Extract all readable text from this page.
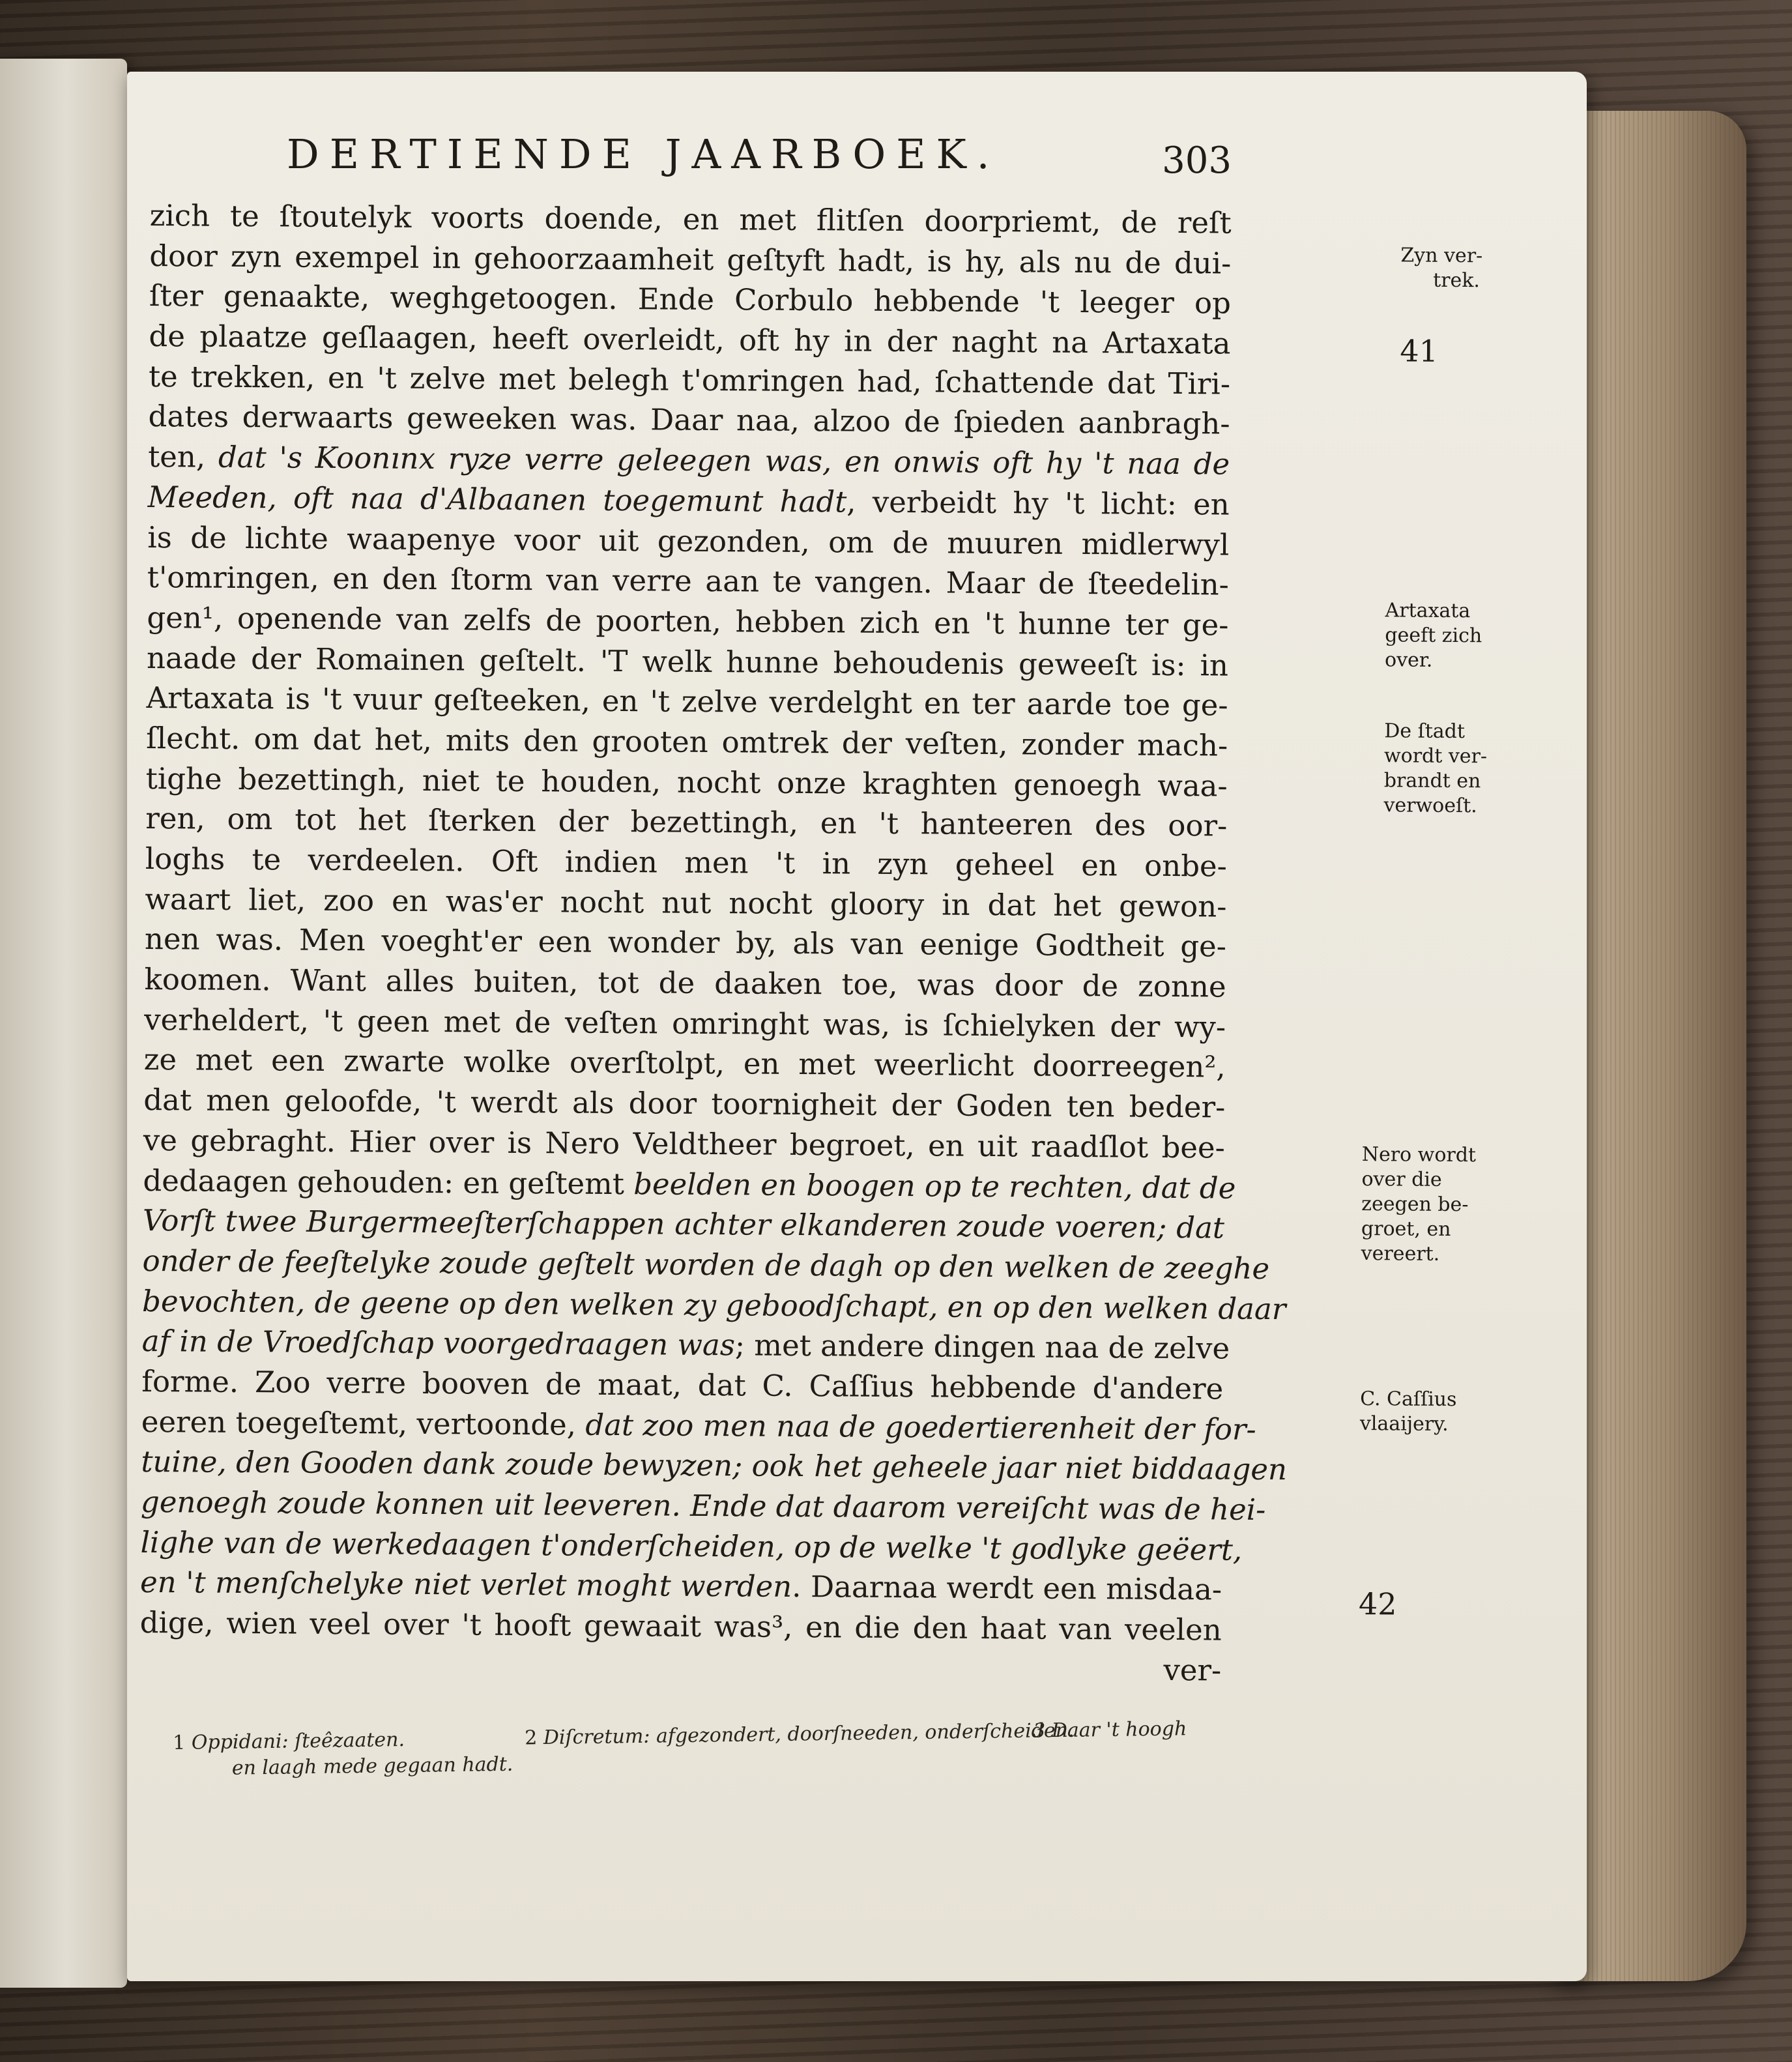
DERTIENDE JAARBOEK.	303
zich te ſtoutelyk voorts doende, en met flitſen doorpriemt, de reſt
door zyn exempel in gehoorzaamheit geſtyft hadt, is hy, als nu de dui-
ſter genaakte, weghgetoogen. Ende Corbulo hebbende 't leeger op
de plaatze geſlaagen, heeft overleidt, oft hy in der naght na Artaxata
te trekken, en 't zelve met belegh t'omringen had, ſchattende dat Tiri-
dates derwaarts geweeken was. Daar naa, alzoo de ſpieden aanbragh-
ten, dat 's Koonınx ryze verre geleegen was, en onwis oft hy 't naa de
Meeden, oft naa d'Albaanen toegemunt hadt, verbeidt hy 't licht: en
is de lichte waapenye voor uit gezonden, om de muuren midlerwyl
t'omringen, en den ſtorm van verre aan te vangen. Maar de ſteedelin-
gen¹, openende van zelfs de poorten, hebben zich en 't hunne ter ge-
naade der Romainen geſtelt. 'T welk hunne behoudenis geweeſt is: in
Artaxata is 't vuur geſteeken, en 't zelve verdelght en ter aarde toe ge-
ſlecht. om dat het, mits den grooten omtrek der veſten, zonder mach-
tighe bezettingh, niet te houden, nocht onze kraghten genoegh waa-
ren, om tot het ſterken der bezettingh, en 't hanteeren des oor-
loghs te verdeelen. Oft indien men 't in zyn geheel en onbe-
waart liet, zoo en was'er nocht nut nocht gloory in dat het gewon-
nen was. Men voeght'er een wonder by, als van eenige Godtheit ge-
koomen. Want alles buiten, tot de daaken toe, was door de zonne
verheldert, 't geen met de veſten omringht was, is ſchielyken der wy-
ze met een zwarte wolke overſtolpt, en met weerlicht doorreegen²,
dat men geloofde, 't werdt als door toornigheit der Goden ten beder-
ve gebraght. Hier over is Nero Veldtheer begroet, en uit raadſlot bee-
dedaagen gehouden: en geſtemt beelden en boogen op te rechten, dat de
Vorſt twee Burgermeeſterſchappen achter elkanderen zoude voeren; dat
onder de feeſtelyke zoude geſtelt worden de dagh op den welken de zeeghe
bevochten, de geene op den welken zy geboodſchapt, en op den welken daar
af in de Vroedſchap voorgedraagen was; met andere dingen naa de zelve
forme. Zoo verre booven de maat, dat C. Caſſius hebbende d'andere
eeren toegeſtemt, vertoonde, dat zoo men naa de goedertierenheit der for-
tuine, den Gooden dank zoude bewyzen; ook het geheele jaar niet biddaagen
genoegh zoude konnen uit leeveren. Ende dat daarom vereiſcht was de hei-
lighe van de werkedaagen t'onderſcheiden, op de welke 't godlyke geëert,
en 't menſchelyke niet verlet moght werden. Daarnaa werdt een misdaa-
dige, wien veel over 't hooft gewaait was³, en die den haat van veelen
ver-
Zyn ver-
trek.
41
Artaxata
geeft zich
over.
De ſtadt
wordt ver-
brandt en
verwoeſt.
Nero wordt
over die
zeegen be-
groet, en
vereert.
C. Caſſius
vlaaijery.
42
1 Oppidani: ſteêzaaten.	2 Diſcretum: afgezondert, doorſneeden, onderſcheiden.
3 Daar 't hoogh
en laagh mede gegaan hadt.
